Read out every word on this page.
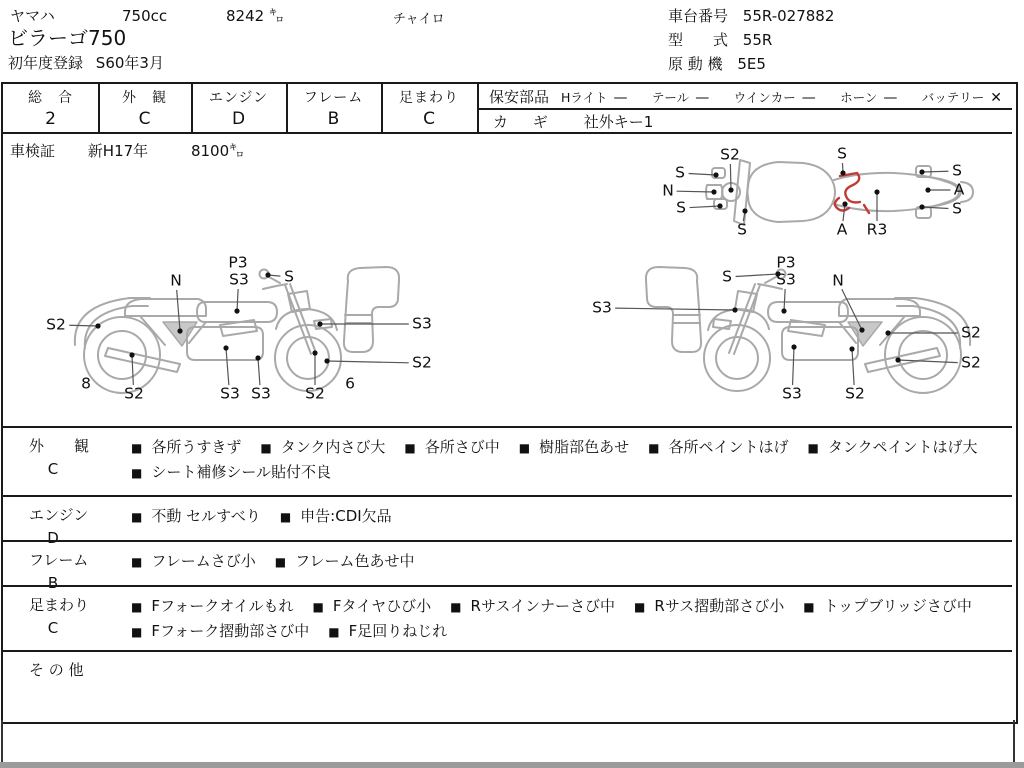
ヤマハ	750cc	8242 ㌔	チャイロ
ビラーゴ750
初年度登録 S60年3月
車台番号 55R-027882
型　　式 55R
原 動 機 5E5
総　合
2
外　観
C
エンジン
D
フレーム
B
足まわり
C
保安部品 Hライト — テール — ウインカー — ホーン — バッテリー ✕
カ ギ 社外キー1
外　　観
C
■ 各所うすきず ■ タンク内さび大 ■ 各所さび中 ■ 樹脂部色あせ ■ 各所ペイントはげ ■ タンクペイントはげ大■ シート補修シール貼付不良
エンジン
D
■ 不動 セルすべり ■ 申告:CDI欠品
フレーム
B
■ フレームさび小 ■ フレーム色あせ中
足まわり
C
■ Fフォークオイルもれ ■ Fタイヤひび小 ■ Rサスインナーさび中 ■ Rサス摺動部さび小 ■ トップブリッジさび中■ Fフォーク摺動部さび中 ■ F足回りねじれ
そ の 他
車検証 新H17年	8100㌔	S2
S
N
S
S
S
A R3
S
A
S
S2
N
P3
S3 S
S3
S2
S2	S3 S3 S2
8	6
S3
S
P3
S3 N
S2
S2
S3	S2
